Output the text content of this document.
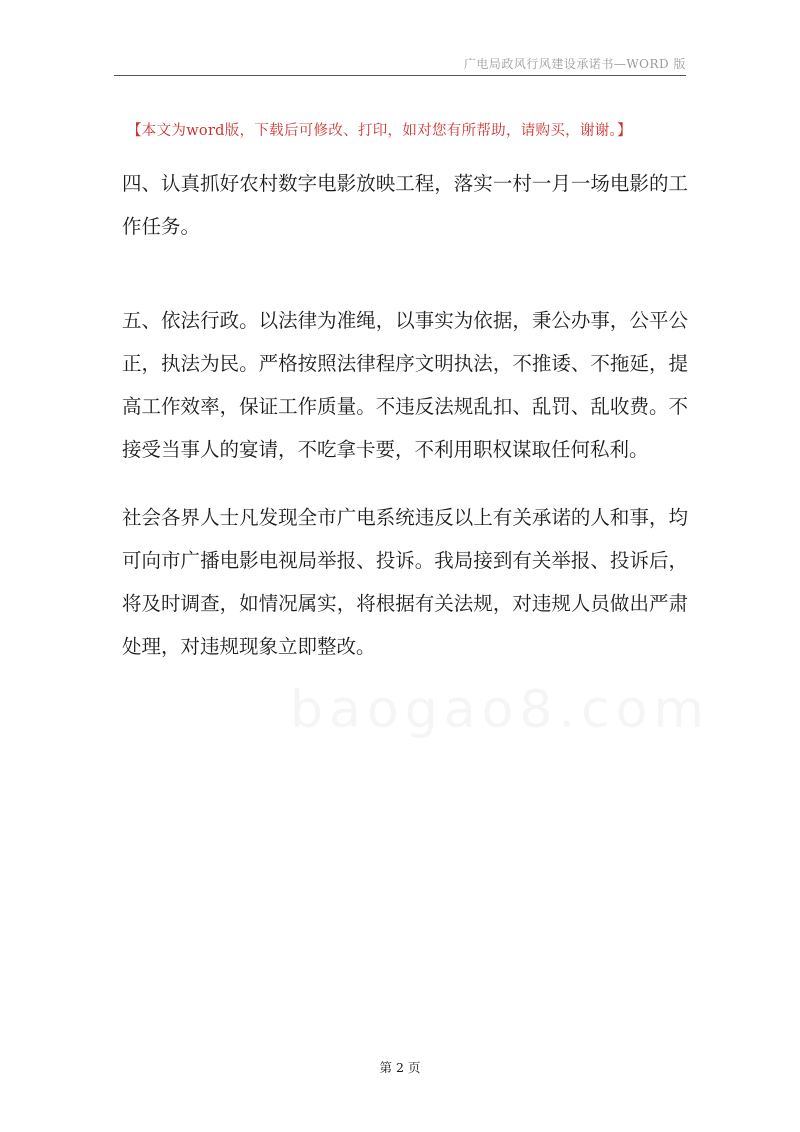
广电局政风行风建设承诺书—WORD 版
【本文为word版，下载后可修改、打印，如对您有所帮助，请购买，谢谢。】

四、认真抓好农村数字电影放映工程，落实一村一月一场电影的工作任务。

五、依法行政。以法律为准绳，以事实为依据，秉公办事，公平公正，执法为民。严格按照法律程序文明执法，不推诿、不拖延，提高工作效率，保证工作质量。不违反法规乱扣、乱罚、乱收费。不接受当事人的宴请，不吃拿卡要，不利用职权谋取任何私利。

社会各界人士凡发现全市广电系统违反以上有关承诺的人和事，均可向市广播电影电视局举报、投诉。我局接到有关举报、投诉后，将及时调查，如情况属实，将根据有关法规，对违规人员做出严肃处理，对违规现象立即整改。

第 2 页
